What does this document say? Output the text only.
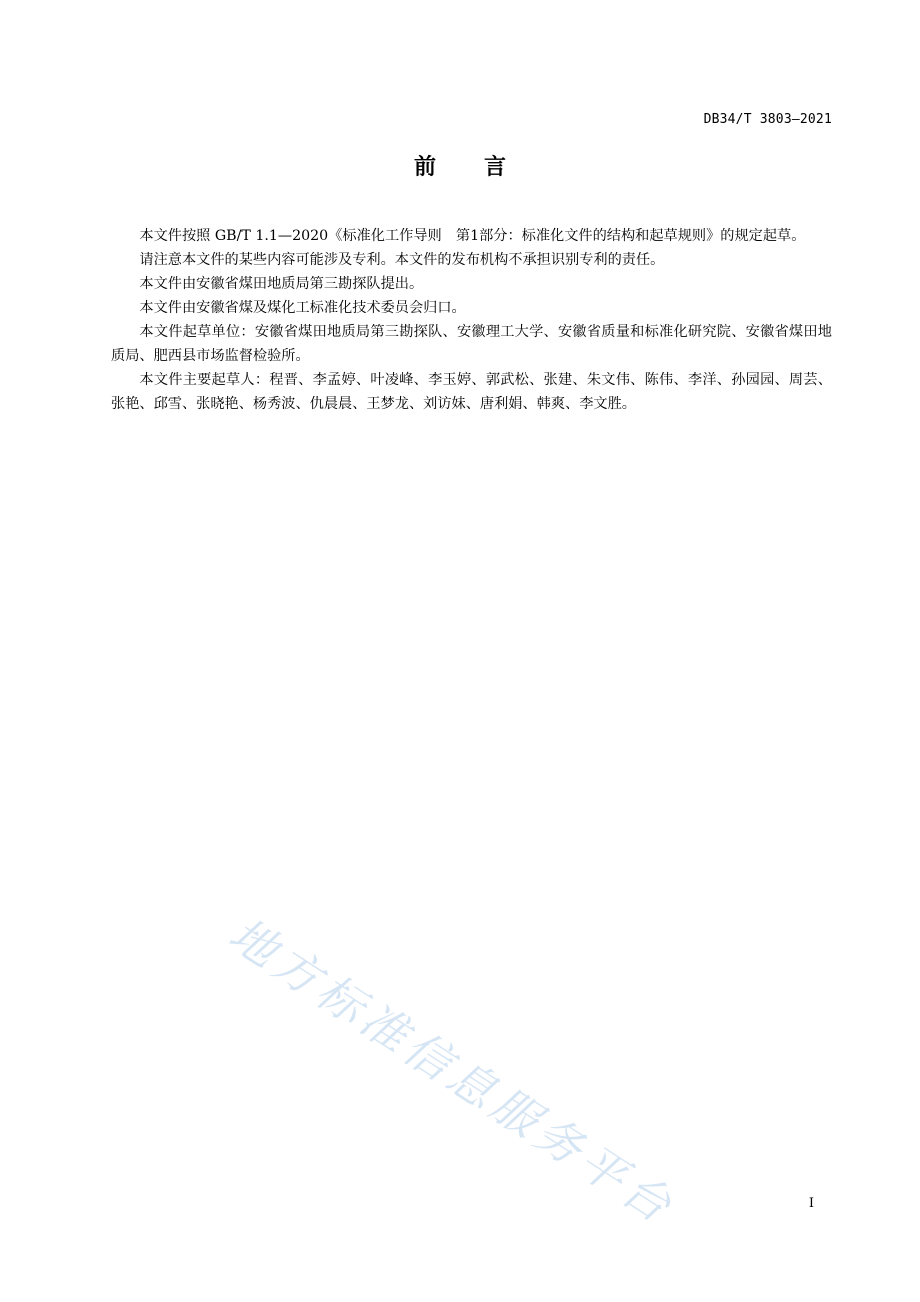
DB34/T 3803—2021
前言

本文件按照 GB/T 1.1—2020《标准化工作导则　第1部分：标准化文件的结构和起草规则》的规定起草。

请注意本文件的某些内容可能涉及专利。本文件的发布机构不承担识别专利的责任。

本文件由安徽省煤田地质局第三勘探队提出。

本文件由安徽省煤及煤化工标准化技术委员会归口。

本文件起草单位：安徽省煤田地质局第三勘探队、安徽理工大学、安徽省质量和标准化研究院、安徽省煤田地质局、肥西县市场监督检验所。

本文件主要起草人：程晋、李孟婷、叶凌峰、李玉婷、郭武松、张建、朱文伟、陈伟、李洋、孙园园、周芸、张艳、邱雪、张晓艳、杨秀波、仇晨晨、王梦龙、刘访妹、唐利娟、韩爽、李文胜。

地方标准信息服务平台	I
